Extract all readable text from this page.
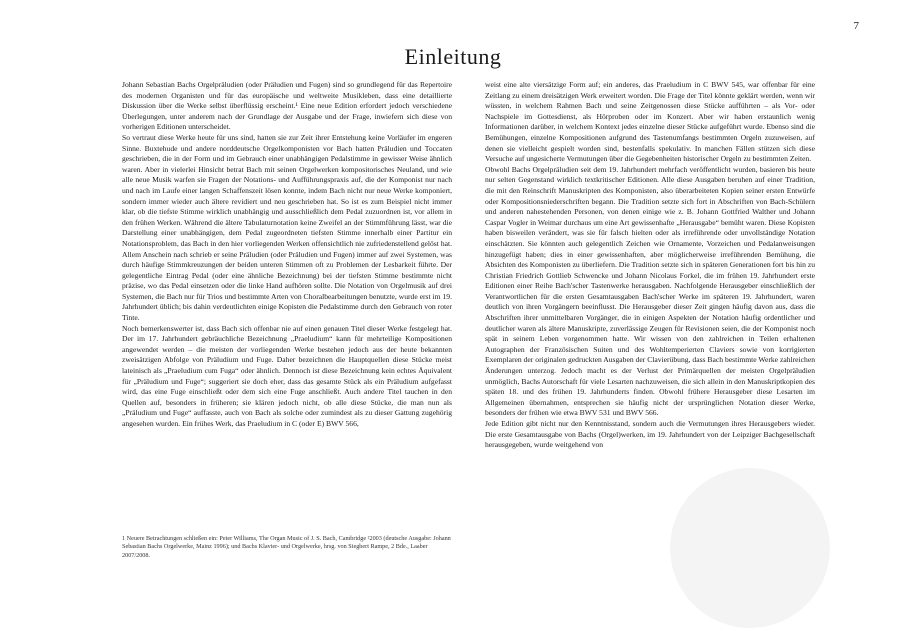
7
Einleitung

Johann Sebastian Bachs Orgelpräludien (oder Präludien und Fugen) sind so grundlegend für das Repertoire des modernen Organisten und für das europäische und weltweite Musikleben, dass eine detaillierte Diskussion über die Werke selbst überflüssig erscheint.¹ Eine neue Edition erfordert jedoch verschiedene Überlegungen, unter anderem nach der Grundlage der Ausgabe und der Frage, inwiefern sich diese von vorherigen Editionen unterscheidet.

So vertraut diese Werke heute für uns sind, hatten sie zur Zeit ihrer Entstehung keine Vorläufer im engeren Sinne. Buxtehude und andere norddeutsche Orgelkomponisten vor Bach hatten Präludien und Toccaten geschrieben, die in der Form und im Gebrauch einer unabhängigen Pedalstimme in gewisser Weise ähnlich waren. Aber in vielerlei Hinsicht betrat Bach mit seinen Orgelwerken kompositorisches Neuland, und wie alle neue Musik warfen sie Fragen der Notations- und Aufführungspraxis auf, die der Komponist nur nach und nach im Laufe einer langen Schaffenszeit lösen konnte, indem Bach nicht nur neue Werke komponiert, sondern immer wieder auch ältere revidiert und neu geschrieben hat. So ist es zum Beispiel nicht immer klar, ob die tiefste Stimme wirklich unabhängig und ausschließlich dem Pedal zuzuordnen ist, vor allem in den frühen Werken. Während die ältere Tabulaturnotation keine Zweifel an der Stimmführung lässt, war die Darstellung einer unabhängigen, dem Pedal zugeordneten tiefsten Stimme innerhalb einer Partitur ein Notationsproblem, das Bach in den hier vorliegenden Werken offensichtlich nie zufriedenstellend gelöst hat. Allem Anschein nach schrieb er seine Präludien (oder Präludien und Fugen) immer auf zwei Systemen, was durch häufige Stimmkreuzungen der beiden unteren Stimmen oft zu Problemen der Lesbarkeit führte. Der gelegentliche Eintrag Pedal (oder eine ähnliche Bezeichnung) bei der tiefsten Stimme bestimmte nicht präzise, wo das Pedal einsetzen oder die linke Hand aufhören sollte. Die Notation von Orgelmusik auf drei Systemen, die Bach nur für Trios und bestimmte Arten von Choralbearbeitungen benutzte, wurde erst im 19. Jahrhundert üblich; bis dahin verdeutlichten einige Kopisten die Pedalstimme durch den Gebrauch von roter Tinte.

Noch bemerkenswerter ist, dass Bach sich offenbar nie auf einen genauen Titel dieser Werke festgelegt hat. Der im 17. Jahrhundert gebräuchliche Bezeichnung „Praeludium“ kann für mehrteilige Kompositionen angewendet werden – die meisten der vorliegenden Werke bestehen jedoch aus der heute bekannten zweisätzigen Abfolge von Präludium und Fuge. Daher bezeichnen die Hauptquellen diese Stücke meist lateinisch als „Praeludium cum Fuga“ oder ähnlich. Dennoch ist diese Bezeichnung kein echtes Äquivalent für „Präludium und Fuge“; suggeriert sie doch eher, dass das gesamte Stück als ein Präludium aufgefasst wird, das eine Fuge einschließt oder dem sich eine Fuge anschließt. Auch andere Titel tauchen in den Quellen auf, besonders in früheren; sie klären jedoch nicht, ob alle diese Stücke, die man nun als „Präludium und Fuge“ auffasste, auch von Bach als solche oder zumindest als zu dieser Gattung zugehörig angesehen wurden. Ein frühes Werk, das Praeludium in C (oder E) BWV 566,

1 Neuere Betrachtungen schließen ein: Peter Williams, The Organ Music of J. S. Bach, Cambridge ²2003 (deutsche Ausgabe: Johann Sebastian Bachs Orgelwerke, Mainz 1996); und Bachs Klavier- und Orgelwerke, hrsg. von Siegbert Rampe, 2 Bde., Laaber 2007/2008.

weist eine alte viersätzige Form auf; ein anderes, das Praeludium in C BWV 545, war offenbar für eine Zeitlang zu einem dreisätzigen Werk erweitert worden. Die Frage der Titel könnte geklärt werden, wenn wir wüssten, in welchem Rahmen Bach und seine Zeitgenossen diese Stücke aufführten – als Vor- oder Nachspiele im Gottesdienst, als Hörproben oder im Konzert. Aber wir haben erstaunlich wenig Informationen darüber, in welchem Kontext jedes einzelne dieser Stücke aufgeführt wurde. Ebenso sind die Bemühungen, einzelne Kompositionen aufgrund des Tastenumfangs bestimmten Orgeln zuzuweisen, auf denen sie vielleicht gespielt worden sind, bestenfalls spekulativ. In manchen Fällen stützen sich diese Versuche auf ungesicherte Vermutungen über die Gegebenheiten historischer Orgeln zu bestimmten Zeiten.

Obwohl Bachs Orgelpräludien seit dem 19. Jahrhundert mehrfach veröffentlicht wurden, basieren bis heute nur selten Gegenstand wirklich textkritischer Editionen. Alle diese Ausgaben beruhen auf einer Tradition, die mit den Reinschrift Manuskripten des Komponisten, also überarbeiteten Kopien seiner ersten Entwürfe oder Kompositionsniederschriften begann. Die Tradition setzte sich fort in Abschriften von Bach-Schülern und anderen nahestehenden Personen, von denen einige wie z. B. Johann Gottfried Walther und Johann Caspar Vogler in Weimar durchaus um eine Art gewissenhafte „Herausgabe“ bemüht waren. Diese Kopisten haben bisweilen verändert, was sie für falsch hielten oder als irreführende oder unvollständige Notation einschätzten. Sie könnten auch gelegentlich Zeichen wie Ornamente, Vorzeichen und Pedalanweisungen hinzugefügt haben; dies in einer gewissenhaften, aber möglicherweise irreführenden Bemühung, die Absichten des Komponisten zu überliefern. Die Tradition setzte sich in späteren Generationen fort bis hin zu Christian Friedrich Gottlieb Schwencke und Johann Nicolaus Forkel, die im frühen 19. Jahrhundert erste Editionen einer Reihe Bach'scher Tastenwerke herausgaben. Nachfolgende Herausgeber einschließlich der Verantwortlichen für die ersten Gesamtausgaben Bach'scher Werke im späteren 19. Jahrhundert, waren deutlich von ihren Vorgängern beeinflusst. Die Herausgeber dieser Zeit gingen häufig davon aus, dass die Abschriften ihrer unmittelbaren Vorgänger, die in einigen Aspekten der Notation häufig ordentlicher und deutlicher waren als ältere Manuskripte, zuverlässige Zeugen für Revisionen seien, die der Komponist noch spät in seinem Leben vorgenommen hatte. Wir wissen von den zahlreichen in Teilen erhaltenen Autographen der Französischen Suiten und des Wohltemperierten Claviers sowie von korrigierten Exemplaren der originalen gedruckten Ausgaben der Clavierübung, dass Bach bestimmte Werke zahlreichen Änderungen unterzog. Jedoch macht es der Verlust der Primärquellen der meisten Orgelpräludien unmöglich, Bachs Autorschaft für viele Lesarten nachzuweisen, die sich allein in den Manuskriptkopien des späten 18. und des frühen 19. Jahrhunderts finden. Obwohl frühere Herausgeber diese Lesarten im Allgemeinen übernahmen, entsprechen sie häufig nicht der ursprünglichen Notation dieser Werke, besonders der frühen wie etwa BWV 531 und BWV 566.

Jede Edition gibt nicht nur den Kenntnisstand, sondern auch die Vermutungen ihres Herausgebers wieder. Die erste Gesamtausgabe von Bachs (Orgel)werken, im 19. Jahrhundert von der Leipziger Bachgesellschaft herausgegeben, wurde weitgehend von
